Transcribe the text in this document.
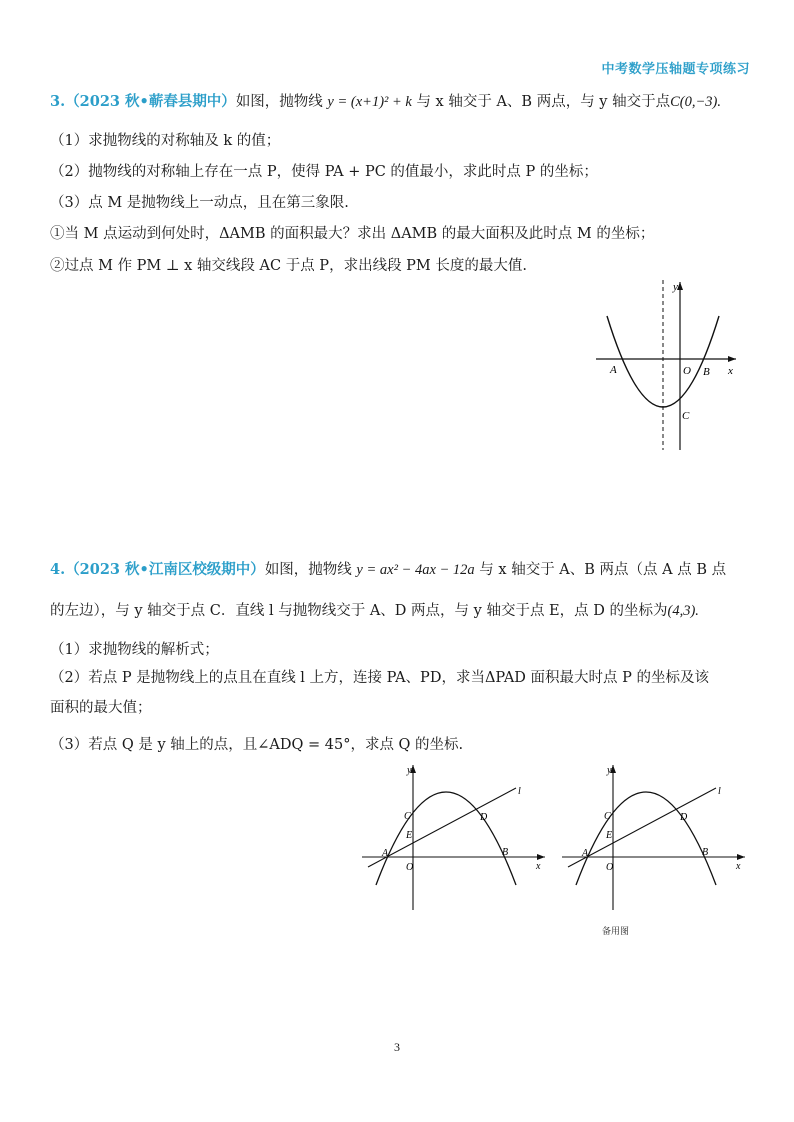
中考数学压轴题专项练习
3.（2023 秋•蕲春县期中）如图，抛物线 y = (x+1)² + k 与 x 轴交于 A、B 两点，与 y 轴交于点C(0,−3).
（1）求抛物线的对称轴及 k 的值；
（2）抛物线的对称轴上存在一点 P，使得 PA + PC 的值最小，求此时点 P 的坐标；
（3）点 M 是抛物线上一动点，且在第三象限.
①当 M 点运动到何处时，ΔAMB 的面积最大？求出 ΔAMB 的最大面积及此时点 M 的坐标；
②过点 M 作 PM ⊥ x 轴交线段 AC 于点 P，求出线段 PM 长度的最大值.
y
x
A	O B
C
4.（2023 秋•江南区校级期中）如图，抛物线 y = ax² − 4ax − 12a 与 x 轴交于 A、B 两点（点 A 点 B 点
的左边），与 y 轴交于点 C．直线 l 与抛物线交于 A、D 两点，与 y 轴交于点 E，点 D 的坐标为(4,3).
（1）求抛物线的解析式；
（2）若点 P 是抛物线上的点且在直线 l 上方，连接 PA、PD，求当ΔPAD 面积最大时点 P 的坐标及该
面积的最大值；
（3）若点 Q 是 y 轴上的点，且∠ADQ = 45°，求点 Q 的坐标.
y
x
A
O
B
C
E
D
l
y
x
A
O
B
C
E
D
l
备用图
3
